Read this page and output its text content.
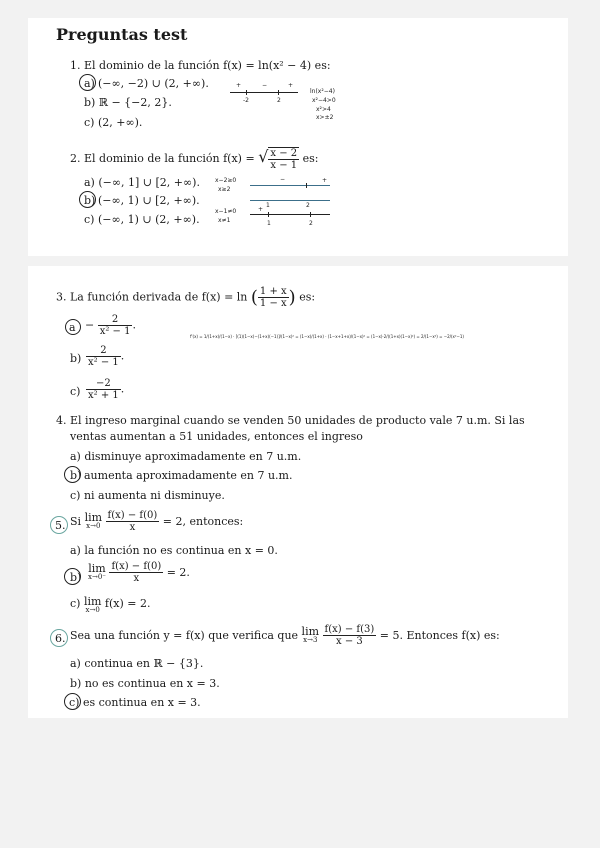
Preguntas test
1. El dominio de la función f(x) = ln(x² − 4) es:
a) (−∞, −2) ∪ (2, +∞).
b) ℝ − {−2, 2}.
c) (2, +∞).
+	−	+
-2	2
ln(x²−4)
x²−4>0
x²>4
x>±2
2. El dominio de la función f(x) = √ $\frac{x - 2}{x - 1}$ es:
a) (−∞, 1] ∪ [2, +∞).
b) (−∞, 1) ∪ [2, +∞).
c) (−∞, 1) ∪ (2, +∞).
x−2≥0
x≥2
x−1≠0
x≠1
−	+
+
1
1
2
2
3. La función derivada de f(x) = ln ( $\frac{1 + x}{1 - x}$ ) es:
$a - \frac{2}{\text{x² − 1}}$ .
$b) \frac{2}{\text{x² − 1}}$ .
$c) \frac{-2}{\text{x² + 1}}$ .
f'(x) = 1/(1+x)/(1−x) · [(1)(1−x)−(1+x)(−1)]/(1−x)² = (1−x)/(1+x) · (1−x+1+x)/(1−x)² = (1−x)·2/((1+x)(1−x)²) = 2/(1−x²) = −2/(x²−1)
4. El ingreso marginal cuando se venden 50 unidades de producto vale 7 u.m. Si las
ventas aumentan a 51 unidades, entonces el ingreso
a) disminuye aproximadamente en 7 u.m.
b) aumenta aproximadamente en 7 u.m.
c) ni aumenta ni disminuye.
5. Si lim
x→0
$\frac{f(x) - f(0)}{x} = 2$, entonces:
a) la función no es continua en x = 0.
b)
lim
x→0⁻
$\frac{f(x) - f(0)}{x} = 2$.
c) lim
x→0 f(x) = 2.
6. Sea una función y = f(x) que verifica que lim
x→3
$\frac{f(x) - f(3)}{x - 3} = 5$. Entonces f(x) es:
a) continua en ℝ − {3}.
b) no es continua en x = 3.
c) es continua en x = 3.
